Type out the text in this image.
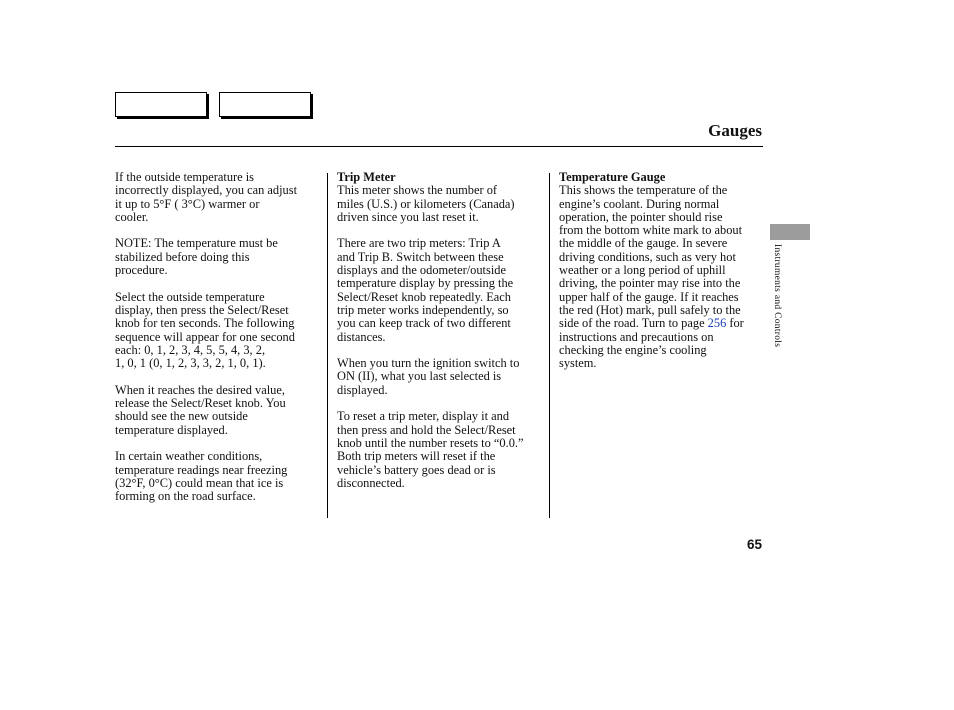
Gauges

If the outside temperature is
incorrectly displayed, you can adjust
it up to 5°F ( 3°C) warmer or
cooler.

NOTE: The temperature must be
stabilized before doing this
procedure.

Select the outside temperature
display, then press the Select/Reset
knob for ten seconds. The following
sequence will appear for one second
each: 0, 1, 2, 3, 4, 5, 5, 4, 3, 2,
1, 0, 1 (0, 1, 2, 3, 3, 2, 1, 0, 1).

When it reaches the desired value,
release the Select/Reset knob. You
should see the new outside
temperature displayed.

In certain weather conditions,
temperature readings near freezing
(32°F, 0°C) could mean that ice is
forming on the road surface.

Trip Meter

This meter shows the number of
miles (U.S.) or kilometers (Canada)
driven since you last reset it.

There are two trip meters: Trip A
and Trip B. Switch between these
displays and the odometer/outside
temperature display by pressing the
Select/Reset knob repeatedly. Each
trip meter works independently, so
you can keep track of two different
distances.

When you turn the ignition switch to
ON (II), what you last selected is
displayed.

To reset a trip meter, display it and
then press and hold the Select/Reset
knob until the number resets to “0.0.”
Both trip meters will reset if the
vehicle’s battery goes dead or is
disconnected.

Temperature Gauge

This shows the temperature of the
engine’s coolant. During normal
operation, the pointer should rise
from the bottom white mark to about
the middle of the gauge. In severe
driving conditions, such as very hot
weather or a long period of uphill
driving, the pointer may rise into the
upper half of the gauge. If it reaches
the red (Hot) mark, pull safely to the
side of the road. Turn to page 256 for
instructions and precautions on
checking the engine’s cooling
system.

Instruments and Controls
65
